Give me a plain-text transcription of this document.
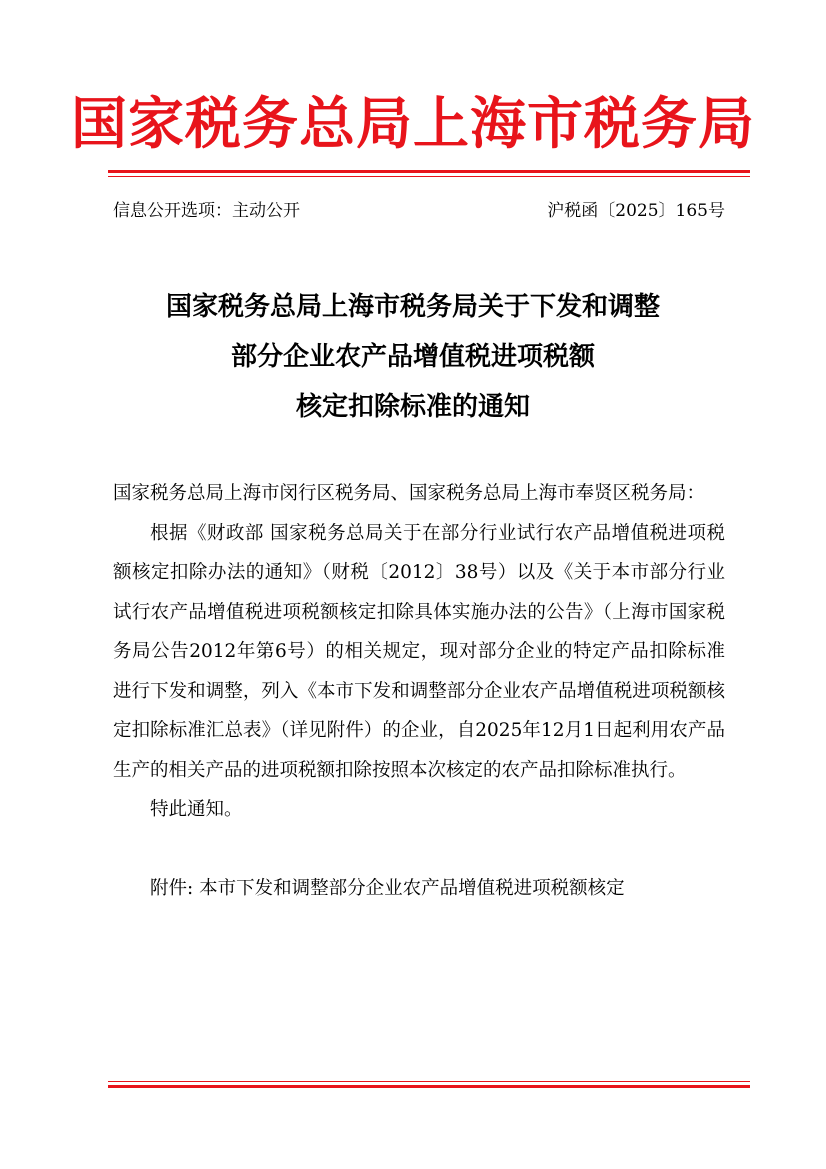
国家税务总局上海市税务局
信息公开选项：主动公开	沪税函〔2025〕165号
国家税务总局上海市税务局关于下发和调整
部分企业农产品增值税进项税额
核定扣除标准的通知

国家税务总局上海市闵行区税务局、国家税务总局上海市奉贤区税务局：

根据《财政部 国家税务总局关于在部分行业试行农产品增值税进项税额核定扣除办法的通知》（财税〔2012〕38号）以及《关于本市部分行业试行农产品增值税进项税额核定扣除具体实施办法的公告》（上海市国家税务局公告2012年第6号）的相关规定，现对部分企业的特定产品扣除标准进行下发和调整，列入《本市下发和调整部分企业农产品增值税进项税额核定扣除标准汇总表》（详见附件）的企业，自2025年12月1日起利用农产品生产的相关产品的进项税额扣除按照本次核定的农产品扣除标准执行。

特此通知。

附件: 本市下发和调整部分企业农产品增值税进项税额核定
